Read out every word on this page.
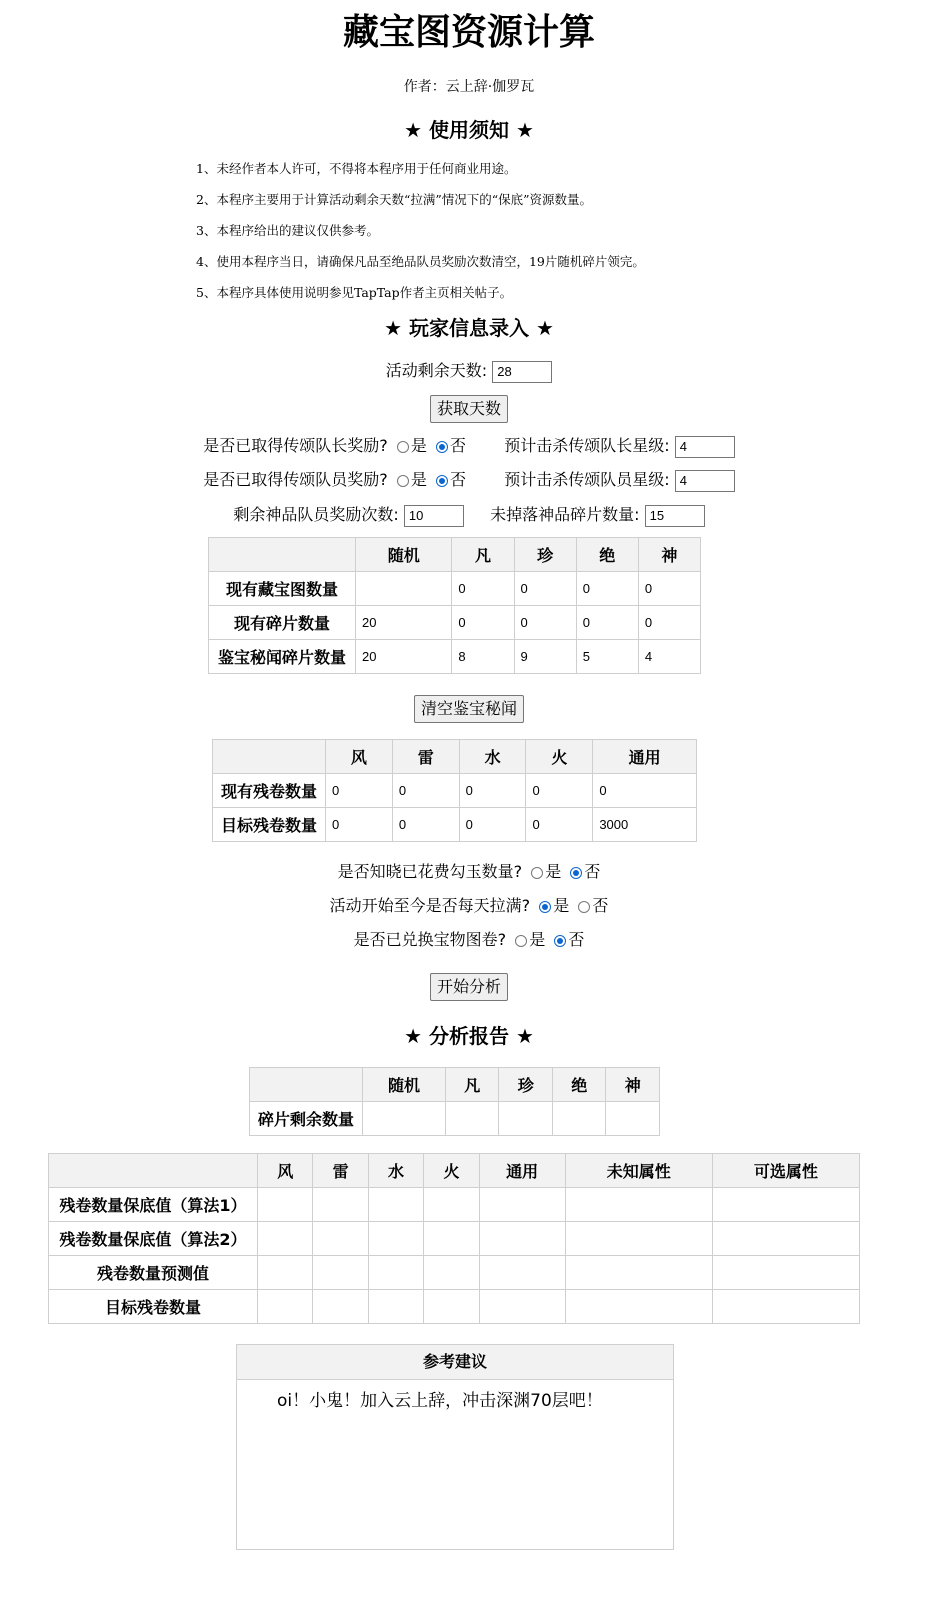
藏宝图资源计算
作者：云上辞·伽罗瓦
★ 使用须知 ★
1、未经作者本人许可，不得将本程序用于任何商业用途。
2、本程序主要用于计算活动剩余天数“拉满”情况下的“保底”资源数量。
3、本程序给出的建议仅供参考。
4、使用本程序当日，请确保凡品至绝品队员奖励次数清空，19片随机碎片领完。
5、本程序具体使用说明参见TapTap作者主页相关帖子。
★ 玩家信息录入 ★
活动剩余天数: 28
获取天数
是否已取得传颂队长奖励? 是 否 预计击杀传颂队长星级: 4
是否已取得传颂队员奖励? 是 否 预计击杀传颂队员星级: 4
剩余神品队员奖励次数: 10	未掉落神品碎片数量: 15
	随机	凡	珍	绝	神
现有藏宝图数量		0	0	0	0
现有碎片数量	20	0	0	0	0
鉴宝秘闻碎片数量	20	8	9	5	4
清空鉴宝秘闻
	风	雷	水	火	通用
现有残卷数量	0	0	0	0	0
目标残卷数量	0	0	0	0	3000
是否知晓已花费勾玉数量? 是 否
活动开始至今是否每天拉满? 是 否
是否已兑换宝物图卷? 是 否
开始分析
★ 分析报告 ★
	随机	凡	珍	绝	神
碎片剩余数量					
	风	雷	水	火	通用	未知属性	可选属性
残卷数量保底值（算法1）							
残卷数量保底值（算法2）							
残卷数量预测值							
目标残卷数量							
参考建议
oi！小鬼！加入云上辞，冲击深渊70层吧！
